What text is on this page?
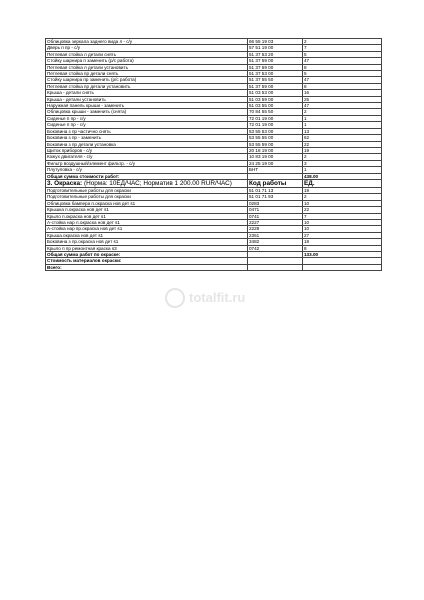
Облицовка зеркала заднего вида л - с/у	66 55 19 03	2
Дверь п пр - с/у	57 51 19 00	7
Петлевая стойка л детали снять	51 37 53 20	5
Стойку шарнира п заменить (р/с работа)	51 37 59 00	47
Петлевая стойка л детали установить	51 37 59 00	8
Петлевая стойка пр детали снять	51 37 53 00	5
Стойку шарнира пр заменить (р/с работа)	51 37 55 50	47
Петлевая стойка пр детали установить	51 37 59 00	8
Крыша - детали снять	51 03 53 00	16
Крыша - детали установить	51 03 59 00	25
Наружная панель крыши - заменить	51 03 55 00	47
Облицовка крыши - заменить (снята)	70 84 55 50	2
Сиденье п пр - с/у	72 01 19 00	1
Сиденье п пр - с/у	72 01 19 00	1
Боковина з пр частично снять	53 55 53 00	13
Боковина з пр - заменить	53 55 55 00	62
Боковина з пр детали установка	53 55 59 00	22
Щиток приборов - с/у	20 18 19 00	19
Кожух двигателя - с/у	10 83 19 00	2
Фильтр воздушный/элемент фильтр. - с/у	24 25 19 00	3
Плутуловка - с/у	БНТ	1
Общая сумма стоимости работ:		438.00
3. Окраска: (Норма: 10ЕД/ЧАС; Норматив 1 200.00 RUR/ЧАС)	Код работы	ЕД.
Подготовительные работы для окраски	51 01 71 13	19
Подготовительные работы для окраски	51 01 71 93	2
Облицовка бампера п.окраска нов дет s1	0283	10
Крышка п.окраска нов дет s1	0471	22
Крыло п.окраска нов дет s1	0741	7
А-стойка нар л.окраска нов дет s1	2227	10
А-стойка нар пр.окраска нов дет s1	2228	10
Крыша.окраска нов дет s1	2351	27
Боковина з пр.окраска нов дет s1	3482	18
Крыло п пр ремонтная краска s3	0742	8
Общая сумма работ по окраске:		133.00
Стоимость материалов окраски:		
Всего:		
totalfit.ru
